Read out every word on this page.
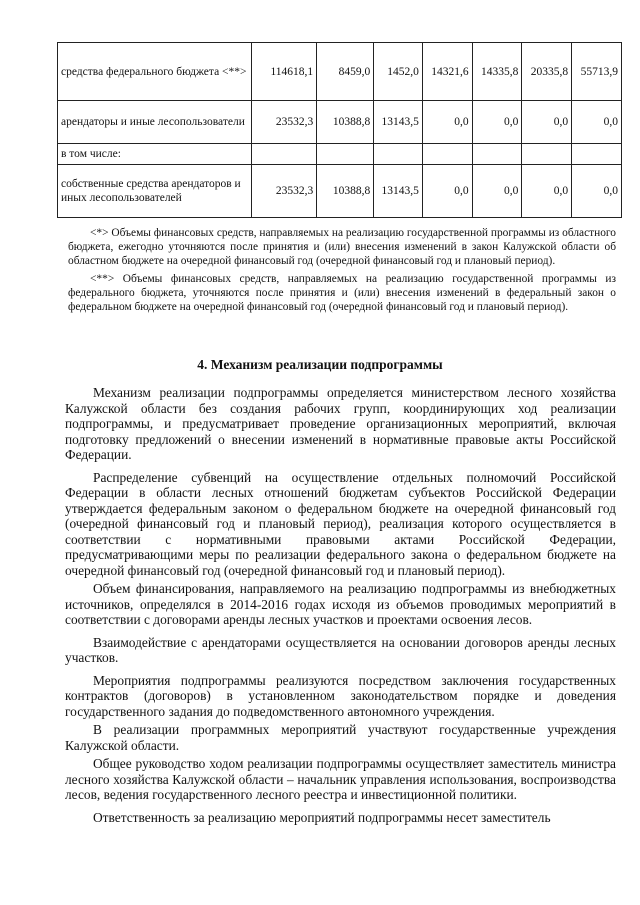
средства федерального бюджета <**>	114618,1	8459,0	1452,0	14321,6	14335,8	20335,8	55713,9
арендаторы и иные лесопользователи	23532,3	10388,8	13143,5	0,0	0,0	0,0	0,0
в том числе:							
собственные средства арендаторов и иных лесопользователей	23532,3	10388,8	13143,5	0,0	0,0	0,0	0,0

<*> Объемы финансовых средств, направляемых на реализацию государственной программы из областного бюджета, ежегодно уточняются после принятия и (или) внесения изменений в закон Калужской области об областном бюджете на очередной финансовый год (очередной финансовый год и плановый период).

<**> Объемы финансовых средств, направляемых на реализацию государственной программы из федерального бюджета, уточняются после принятия и (или) внесения изменений в федеральный закон о федеральном бюджете на очередной финансовый год (очередной финансовый год и плановый период).

4. Механизм реализации подпрограммы

Механизм реализации подпрограммы определяется министерством лесного хозяйства Калужской области без создания рабочих групп, координирующих ход реализации подпрограммы, и предусматривает проведение организационных мероприятий, включая подготовку предложений о внесении изменений в нормативные правовые акты Российской Федерации.

Распределение субвенций на осуществление отдельных полномочий Российской Федерации в области лесных отношений бюджетам субъектов Российской Федерации утверждается федеральным законом о федеральном бюджете на очередной финансовый год (очередной финансовый год и плановый период), реализация которого осуществляется в соответствии с нормативными правовыми актами Российской Федерации, предусматривающими меры по реализации федерального закона о федеральном бюджете на очередной финансовый год (очередной финансовый год и плановый период).

Объем финансирования, направляемого на реализацию подпрограммы из внебюджетных источников, определялся в 2014-2016 годах исходя из объемов проводимых мероприятий в соответствии с договорами аренды лесных участков и проектами освоения лесов.

Взаимодействие с арендаторами осуществляется на основании договоров аренды лесных участков.

Мероприятия подпрограммы реализуются посредством заключения государственных контрактов (договоров) в установленном законодательством порядке и доведения государственного задания до подведомственного автономного учреждения.

В реализации программных мероприятий участвуют государственные учреждения Калужской области.

Общее руководство ходом реализации подпрограммы осуществляет заместитель министра лесного хозяйства Калужской области – начальник управления использования, воспроизводства лесов, ведения государственного лесного реестра и инвестиционной политики.

Ответственность за реализацию мероприятий подпрограммы несет заместитель
